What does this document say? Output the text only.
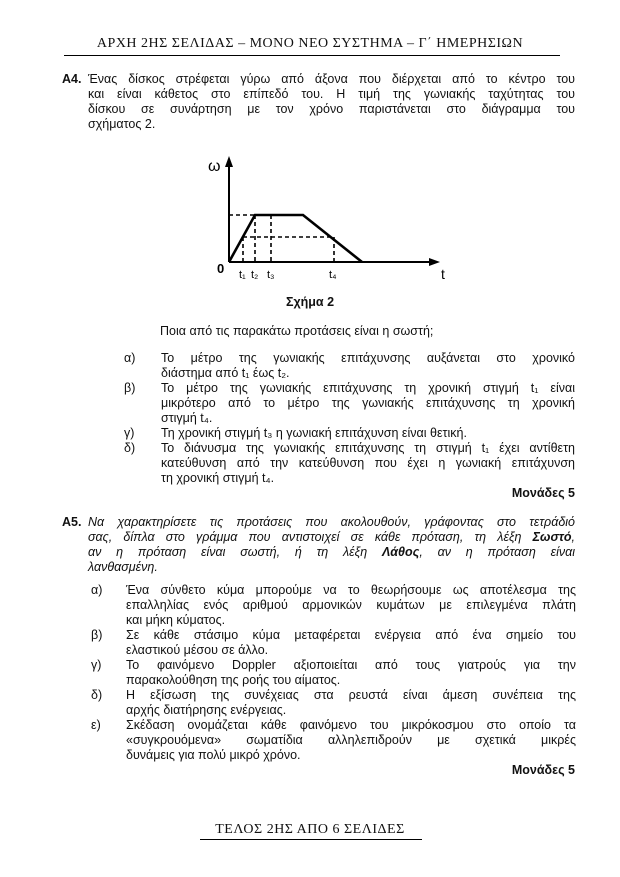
ΑΡΧΗ 2ΗΣ ΣΕΛΙΔΑΣ – ΜΟΝΟ ΝΕΟ ΣΥΣΤΗΜΑ – Γ΄ ΗΜΕΡΗΣΙΩΝ
Α4. Ένας δίσκος στρέφεται γύρω από άξονα που διέρχεται από το κέντρο του
και είναι κάθετος στο επίπεδό του. Η τιμή της γωνιακής ταχύτητας του
δίσκου σε συνάρτηση με τον χρόνο παριστάνεται στο διάγραμμα του
σχήματος 2.
ω
t
0 t₁ t₂ t₃	t₄
Σχήμα 2
Ποια από τις παρακάτω προτάσεις είναι η σωστή;
α) Το μέτρο της γωνιακής επιτάχυνσης αυξάνεται στο χρονικό
διάστημα από t₁ έως t₂.
β) Το μέτρο της γωνιακής επιτάχυνσης τη χρονική στιγμή t₁ είναι
μικρότερο από το μέτρο της γωνιακής επιτάχυνσης τη χρονική
στιγμή t₄.
γ) Τη χρονική στιγμή t₃ η γωνιακή επιτάχυνση είναι θετική.
δ) Το διάνυσμα της γωνιακής επιτάχυνσης τη στιγμή t₁ έχει αντίθετη
κατεύθυνση από την κατεύθυνση που έχει η γωνιακή επιτάχυνση
τη χρονική στιγμή t₄.
Μονάδες 5
Α5. Να χαρακτηρίσετε τις προτάσεις που ακολουθούν, γράφοντας στο τετράδιό
σας, δίπλα στο γράμμα που αντιστοιχεί σε κάθε πρόταση, τη λέξη Σωστό,
αν η πρόταση είναι σωστή, ή τη λέξη Λάθος, αν η πρόταση είναι
λανθασμένη.
α) Ένα σύνθετο κύμα μπορούμε να το θεωρήσουμε ως αποτέλεσμα της
επαλληλίας ενός αριθμού αρμονικών κυμάτων με επιλεγμένα πλάτη
και μήκη κύματος.
β) Σε κάθε στάσιμο κύμα μεταφέρεται ενέργεια από ένα σημείο του
ελαστικού μέσου σε άλλο.
γ) Το φαινόμενο Doppler αξιοποιείται από τους γιατρούς για την
παρακολούθηση της ροής του αίματος.
δ) Η εξίσωση της συνέχειας στα ρευστά είναι άμεση συνέπεια της
αρχής διατήρησης ενέργειας.
ε) Σκέδαση ονομάζεται κάθε φαινόμενο του μικρόκοσμου στο οποίο τα
«συγκρουόμενα» σωματίδια αλληλεπιδρούν με σχετικά μικρές
δυνάμεις για πολύ μικρό χρόνο.
Μονάδες 5
ΤΕΛΟΣ 2ΗΣ ΑΠΟ 6 ΣΕΛΙΔΕΣ
